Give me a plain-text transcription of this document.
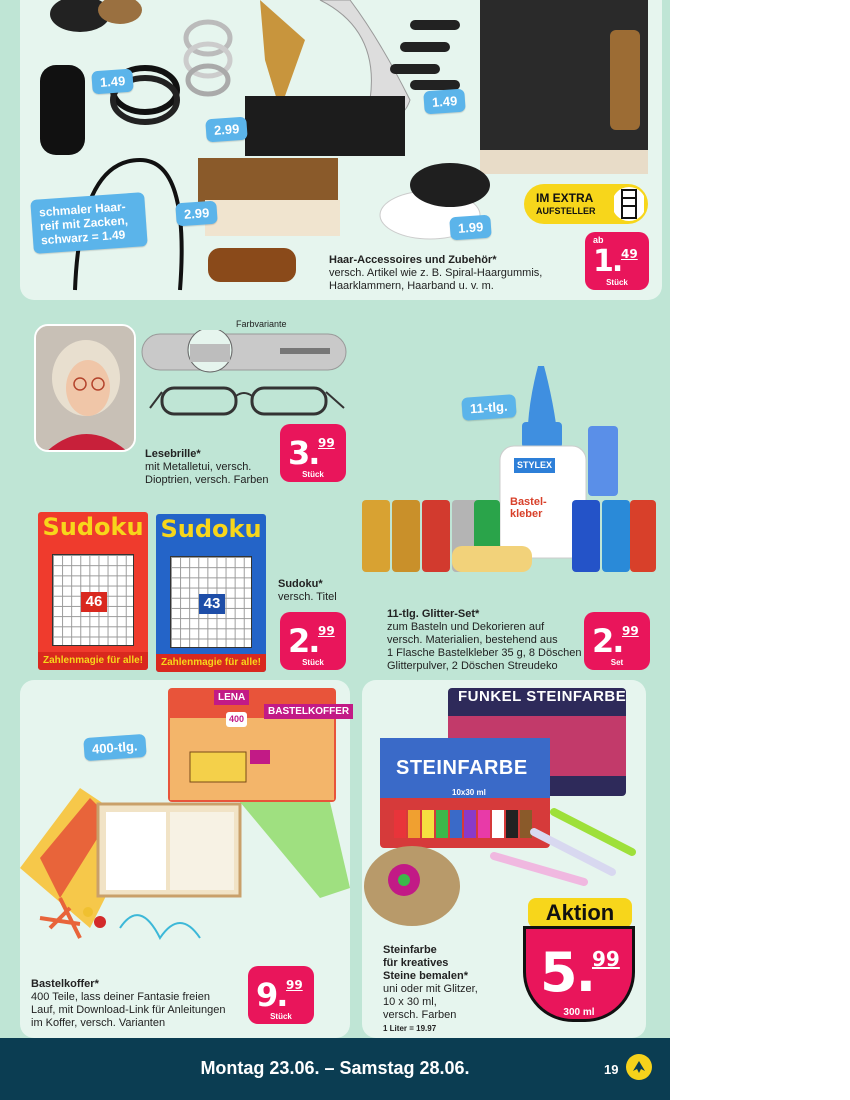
1.49
1.49
2.99
2.99
1.99
schmaler Haar-
reif mit Zacken,
schwarz = 1.49
IM EXTRA
AUFSTELLER
Haar-Accessoires und Zubehör*
versch. Artikel wie z. B. Spiral-Haargummis,
Haarklammern, Haarband u. v. m.
ab
1. 49
Stück
Farbvariante
Lesebrille*
mit Metalletui, versch.
Dioptrien, versch. Farben
3. 99
Stück
11-tlg.
STYLEX
Bastel-
kleber
11-tlg. Glitter-Set*
zum Basteln und Dekorieren auf
versch. Materialien, bestehend aus
1 Flasche Bastelkleber 35 g, 8 Döschen
Glitterpulver, 2 Döschen Streudeko
2. 99
Set
Sudoku
46
Zahlenmagie für alle!
Sudoku
43
Zahlenmagie für alle!
Sudoku*
versch. Titel
2. 99
Stück
400-tlg.
LENA
BASTELKOFFER
400
Bastelkoffer*
400 Teile, lass deiner Fantasie freien
Lauf, mit Download-Link für Anleitungen
im Koffer, versch. Varianten
9. 99
Stück
FUNKEL STEINFARBE
STEINFARBE
10x30 ml
Aktion
5.
99
300 ml
Steinfarbe
für kreatives
Steine bemalen*
uni oder mit Glitzer,
10 x 30 ml,
versch. Farben
1 Liter = 19.97
Montag 23.06. – Samstag 28.06.	19
